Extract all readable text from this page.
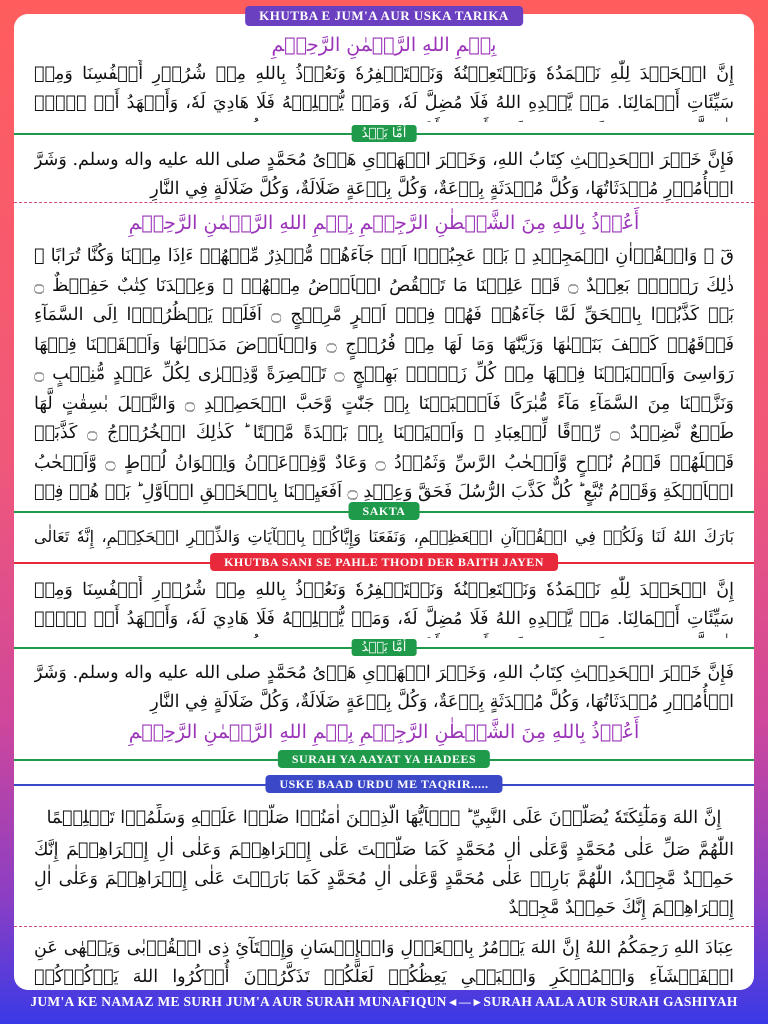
KHUTBA E JUM'A AUR USKA TARIKA
بِسۡمِ اللهِ الرَّحۡمٰنِ الرَّحِیۡمِ
إِنَّ الۡحَمۡدَ لِلّٰهِ نَحۡمَدُهٗ وَنَسۡتَعِیۡنُهٗ وَنَسۡتَغۡفِرُهٗ وَنَعُوۡذُ بِاللهِ مِنۡ شُرُوۡرِ أَنۡفُسِنَا وَمِنۡ سَیِّئَاتِ أَعۡمَالِنَا. مَنۡ یَّهۡدِهِ اللهُ فَلَا مُضِلَّ لَهٗ، وَمَنۡ یُّضۡلِلۡهُ فَلَا هَادِيَ لَهٗ، وَأَشۡهَدُ أَنۡ لَّاۤ
أَمَّا بَعۡدُ
فَإِنَّ خَیۡرَ الۡحَدِیۡثِ کِتَابُ اللهِ، وَخَیۡرَ الۡهَدۡیِ هَدۡیُ مُحَمَّدٍ صلی الله علیه واله وسلم. وَشَرَّ الۡأُمُوۡرِ مُحۡدَثَاتُهَا، وَكُلَّ مُحۡدَثَةٍ بِدۡعَةٌ، وَكُلَّ بِدۡعَةٍ ضَلَالَةٌ، وَكُلَّ ضَلَالَةٍ فِي النَّارِ
أَعُوۡذُ بِاللهِ مِنَ الشَّیۡطٰنِ الرَّجِیۡمِ بِسۡمِ اللهِ الرَّحۡمٰنِ الرَّحِیۡمِ
قٓ ۚ وَالۡقُرۡاٰنِ الۡمَجِیۡدِ ۙ بَلۡ عَجِبُوۡۤا اَنۡ جَآءَهُمۡ مُّنۡذِرٌ مِّنۡهُمۡ ءَاِذَا مِتۡنَا وَكُنَّا تُرَابًا ۚ ذٰلِكَ رَجۡعٌۢ بَعِیۡدٌ ۝ قَدۡ عَلِمۡنَا مَا تَنۡقُصُ الۡاَرۡضُ مِنۡهُمۡ ۚ وَعِنۡدَنَا كِتٰبٌ حَفِیۡظٌ ۝ بَلۡ كَذَّبُوۡا بِالۡحَقِّ لَمَّا جَآءَهُمۡ فَهُمۡ فِیۡۤ اَمۡرٍ مَّرِیۡجٍ ۝ اَفَلَمۡ یَنۡظُرُوۡۤا اِلَی السَّمَآءِ فَوۡقَهُمۡ كَیۡفَ بَنَیۡنٰهَا وَزَیَّنّٰهَا وَمَا لَهَا مِنۡ فُرُوۡجٍ ۝ وَالۡاَرۡضَ مَدَدۡنٰهَا وَاَلۡقَیۡنَا فِیۡهَا رَوَاسِیَ وَاَنۡۢبَتۡنَا فِیۡهَا مِنۡ كُلِّ زَوۡجٍۢ بَهِیۡجٍ ۝ تَبۡصِرَةً وَّذِكۡرٰی لِكُلِّ عَبۡدٍ مُّنِیۡبٍ ۝ وَنَزَّلۡنَا مِنَ السَّمَآءِ مَآءً مُّبٰرَكًا فَاَنۡۢبَتۡنَا بِهٖ جَنّٰتٍ وَّحَبَّ الۡحَصِیۡدِ ۝ وَالنَّخۡلَ بٰسِقٰتٍ لَّهَا طَلۡعٌ نَّضِیۡدٌ ۝ رِّزۡقًا لِّلۡعِبَادِ ۙ وَاَحۡیَیۡنَا بِهٖ بَلۡدَةً مَّیۡتًا ؕ كَذٰلِكَ الۡخُرُوۡجُ ۝ كَذَّبَتۡ قَبۡلَهُمۡ قَوۡمُ نُوۡحٍ وَّاَصۡحٰبُ الرَّسِّ وَثَمُوۡدُ ۝ وَعَادٌ وَّفِرۡعَوۡنُ وَاِخۡوَانُ لُوۡطٍ ۝ وَّاَصۡحٰبُ الۡاَیۡكَةِ وَقَوۡمُ تُبَّعٍ ؕ كُلٌّ كَذَّبَ الرُّسُلَ فَحَقَّ وَعِیۡدِ ۝ اَفَعَیِیۡنَا بِالۡخَلۡقِ الۡاَوَّلِ ؕ بَلۡ هُمۡ فِیۡ
SAKTA
بَارَكَ اللهُ لَنَا وَلَكُمۡ فِي الۡقُرۡآنِ الۡعَظِیۡمِ، وَنَفَعَنَا وَإِیَّاكُمۡ بِالۡآیَاتِ وَالذِّكۡرِ الۡحَكِیۡمِ، إِنَّهٗ تَعَالٰی
KHUTBA SANI SE PAHLE THODI DER BAITH JAYEN
إِنَّ الۡحَمۡدَ لِلّٰهِ نَحۡمَدُهٗ وَنَسۡتَعِیۡنُهٗ وَنَسۡتَغۡفِرُهٗ وَنَعُوۡذُ بِاللهِ مِنۡ شُرُوۡرِ أَنۡفُسِنَا وَمِنۡ سَیِّئَاتِ أَعۡمَالِنَا. مَنۡ یَّهۡدِهِ اللهُ فَلَا مُضِلَّ لَهٗ، وَمَنۡ یُّضۡلِلۡهُ فَلَا هَادِيَ لَهٗ، وَأَشۡهَدُ أَنۡ لَّاۤ
أَمَّا بَعۡدُ
فَإِنَّ خَیۡرَ الۡحَدِیۡثِ کِتَابُ اللهِ، وَخَیۡرَ الۡهَدۡیِ هَدۡیُ مُحَمَّدٍ صلی الله علیه واله وسلم. وَشَرَّ الۡأُمُوۡرِ مُحۡدَثَاتُهَا، وَكُلَّ مُحۡدَثَةٍ بِدۡعَةٌ، وَكُلَّ بِدۡعَةٍ ضَلَالَةٌ، وَكُلَّ ضَلَالَةٍ فِي النَّارِ
أَعُوۡذُ بِاللهِ مِنَ الشَّیۡطٰنِ الرَّجِیۡمِ بِسۡمِ اللهِ الرَّحۡمٰنِ الرَّحِیۡمِ
SURAH YA AAYAT YA HADEES
USKE BAAD URDU ME TAQRIR.....
إِنَّ اللهَ وَمَلٰٓئِكَتَهٗ یُصَلُّوۡنَ عَلَی النَّبِيِّ ؕ یٰۤاَیُّهَا الَّذِیۡنَ اٰمَنُوۡا صَلُّوۡا عَلَیۡهِ وَسَلِّمُوۡا تَسۡلِیۡمًا
اللّٰهُمَّ صَلِّ عَلٰی مُحَمَّدٍ وَّعَلٰی اٰلِ مُحَمَّدٍ كَمَا صَلَّیۡتَ عَلٰی إِبۡرَاهِیۡمَ وَعَلٰی اٰلِ إِبۡرَاهِیۡمَ إِنَّكَ حَمِیۡدٌ مَّجِیۡدٌ، اللّٰهُمَّ بَارِكۡ عَلٰی مُحَمَّدٍ وَّعَلٰی اٰلِ مُحَمَّدٍ كَمَا بَارَكۡتَ عَلٰی إِبۡرَاهِیۡمَ وَعَلٰی اٰلِ إِبۡرَاهِیۡمَ إِنَّكَ حَمِیۡدٌ مَّجِیۡدٌ
عِبَادَ اللهِ رَحِمَكُمُ اللهُ إِنَّ اللهَ یَأۡمُرُ بِالۡعَدۡلِ وَالۡإِحۡسَانِ وَإِیۡتَآئِ ذِی الۡقُرۡبٰی وَیَنۡهٰی عَنِ الۡفَحۡشَآءِ وَالۡمُنۡكَرِ وَالۡبَغۡیِ یَعِظُكُمۡ لَعَلَّكُمۡ تَذَكَّرُوۡنَ أُذۡكُرُوا اللهَ یَذۡكُرۡكُمۡ
JUM'A KE NAMAZ ME SURH JUM'A AUR SURAH MUNAFIQUN◄—►SURAH AALA AUR SURAH GASHIYAH
